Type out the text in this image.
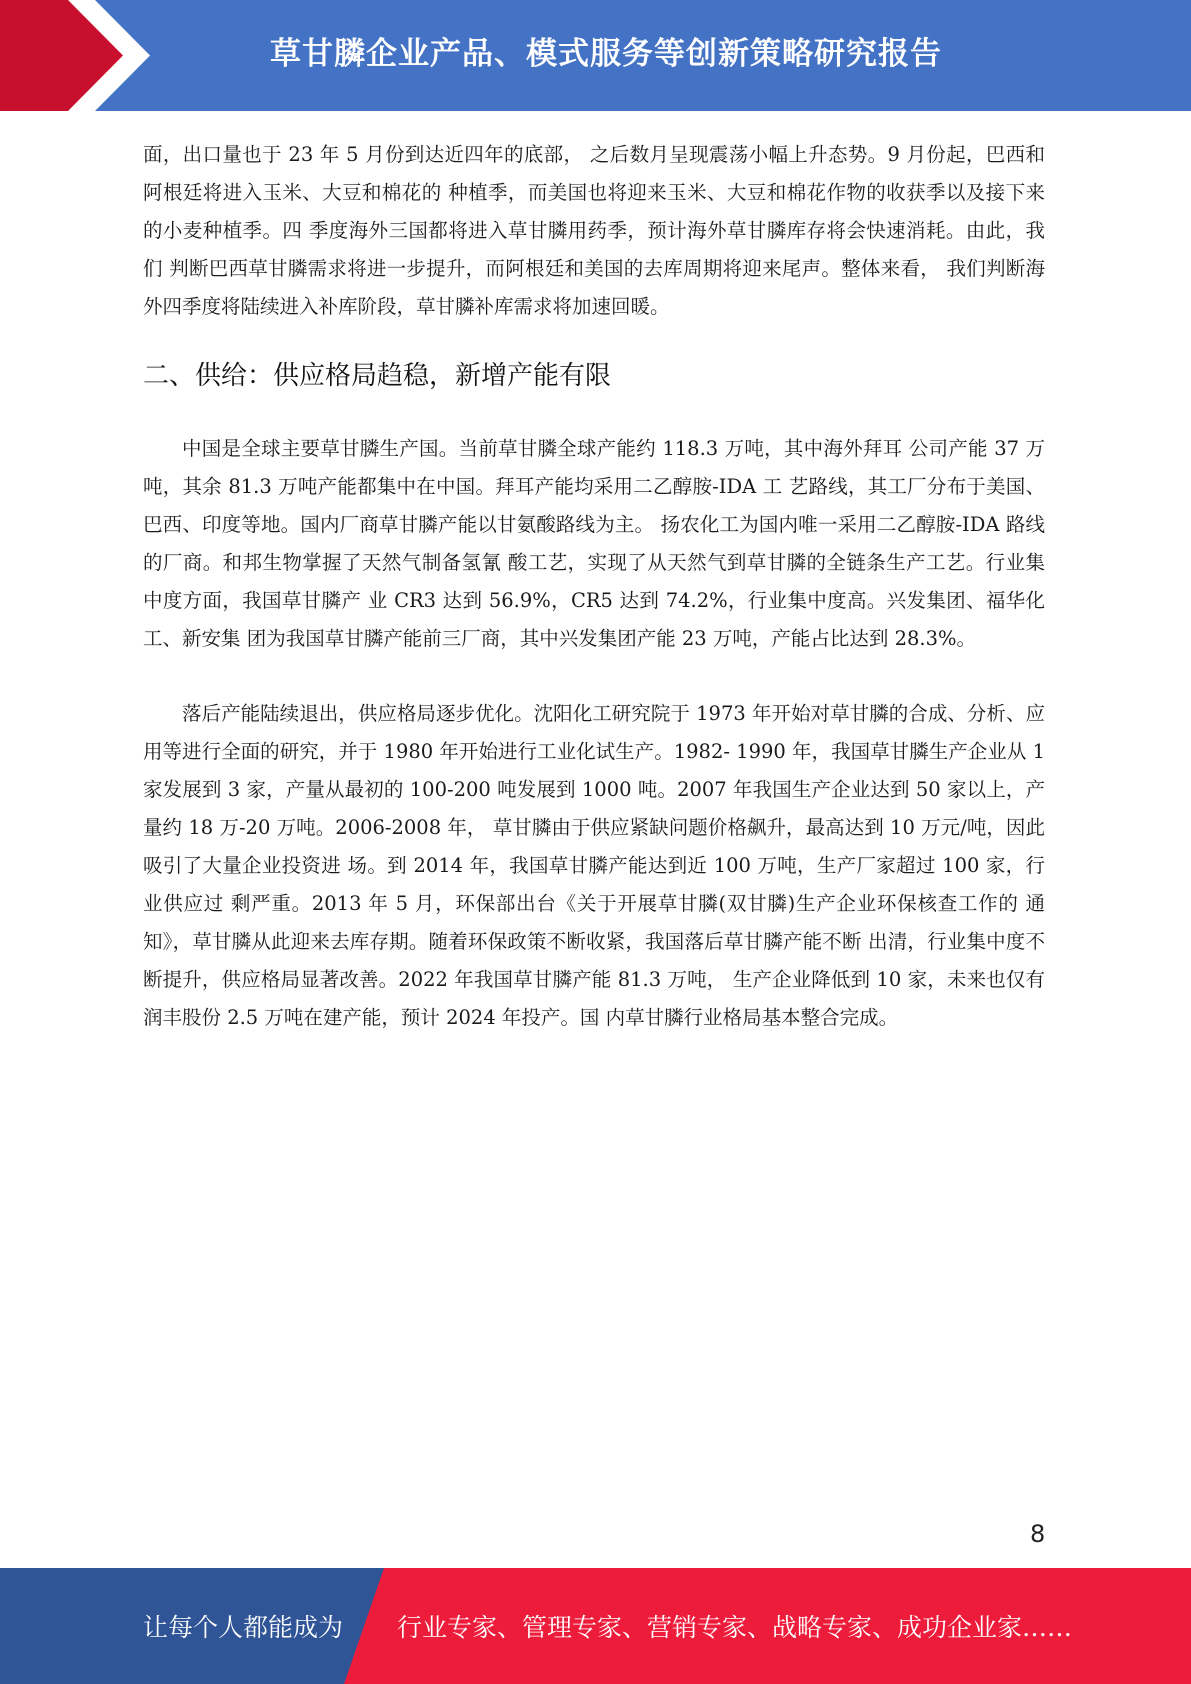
草甘膦企业产品、模式服务等创新策略研究报告

面，出口量也于 23 年 5 月份到达近四年的底部， 之后数月呈现震荡小幅上升态势。9 月份起，巴西和阿根廷将进入玉米、大豆和棉花的 种植季，而美国也将迎来玉米、大豆和棉花作物的收获季以及接下来的小麦种植季。四 季度海外三国都将进入草甘膦用药季，预计海外草甘膦库存将会快速消耗。由此，我们 判断巴西草甘膦需求将进一步提升，而阿根廷和美国的去库周期将迎来尾声。整体来看， 我们判断海外四季度将陆续进入补库阶段，草甘膦补库需求将加速回暖。

二、供给：供应格局趋稳，新增产能有限

中国是全球主要草甘膦生产国。当前草甘膦全球产能约 118.3 万吨，其中海外拜耳 公司产能 37 万吨，其余 81.3 万吨产能都集中在中国。拜耳产能均采用二乙醇胺-IDA 工 艺路线，其工厂分布于美国、巴西、印度等地。国内厂商草甘膦产能以甘氨酸路线为主。 扬农化工为国内唯一采用二乙醇胺-IDA 路线的厂商。和邦生物掌握了天然气制备氢氰 酸工艺，实现了从天然气到草甘膦的全链条生产工艺。行业集中度方面，我国草甘膦产 业 CR3 达到 56.9%，CR5 达到 74.2%，行业集中度高。兴发集团、福华化工、新安集 团为我国草甘膦产能前三厂商，其中兴发集团产能 23 万吨，产能占比达到 28.3%。

落后产能陆续退出，供应格局逐步优化。沈阳化工研究院于 1973 年开始对草甘膦的合成、分析、应用等进行全面的研究，并于 1980 年开始进行工业化试生产。1982- 1990 年，我国草甘膦生产企业从 1 家发展到 3 家，产量从最初的 100-200 吨发展到 1000 吨。2007 年我国生产企业达到 50 家以上，产量约 18 万-20 万吨。2006-2008 年， 草甘膦由于供应紧缺问题价格飙升，最高达到 10 万元/吨，因此吸引了大量企业投资进 场。到 2014 年，我国草甘膦产能达到近 100 万吨，生产厂家超过 100 家，行业供应过 剩严重。2013 年 5 月，环保部出台《关于开展草甘膦(双甘膦)生产企业环保核查工作的 通知》，草甘膦从此迎来去库存期。随着环保政策不断收紧，我国落后草甘膦产能不断 出清，行业集中度不断提升，供应格局显著改善。2022 年我国草甘膦产能 81.3 万吨， 生产企业降低到 10 家，未来也仅有润丰股份 2.5 万吨在建产能，预计 2024 年投产。国 内草甘膦行业格局基本整合完成。

8
让每个人都能成为 行业专家、管理专家、营销专家、战略专家、成功企业家……
